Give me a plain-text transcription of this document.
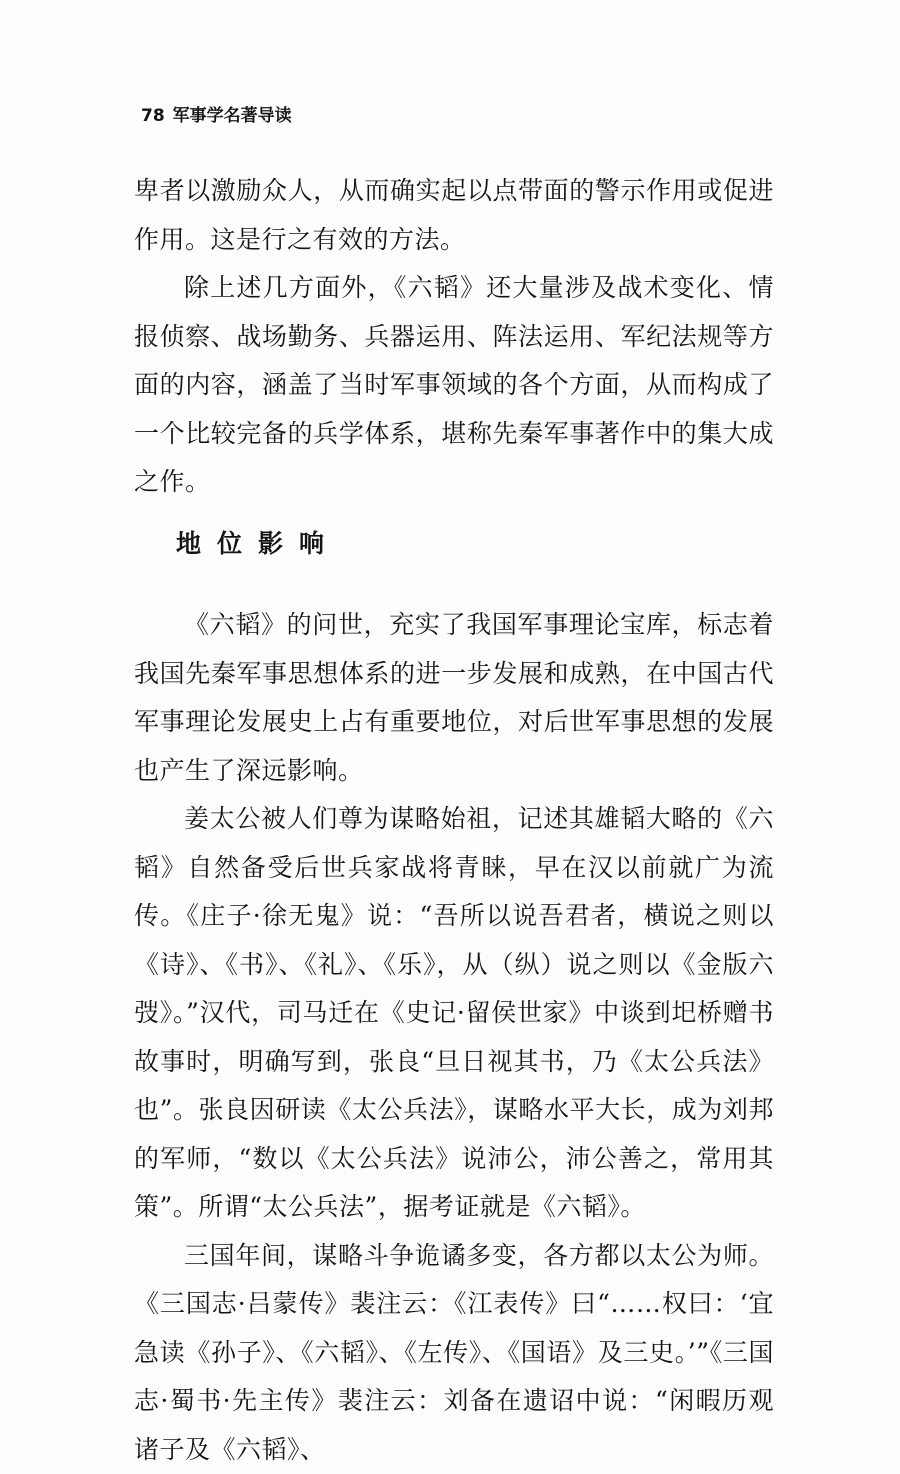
78 军事学名著导读

卑者以激励众人，从而确实起以点带面的警示作用或促进作用。这是行之有效的方法。

除上述几方面外，《六韬》还大量涉及战术变化、情报侦察、战场勤务、兵器运用、阵法运用、军纪法规等方面的内容，涵盖了当时军事领域的各个方面，从而构成了一个比较完备的兵学体系，堪称先秦军事著作中的集大成之作。

地位影响

《六韬》的问世，充实了我国军事理论宝库，标志着我国先秦军事思想体系的进一步发展和成熟，在中国古代军事理论发展史上占有重要地位，对后世军事思想的发展也产生了深远影响。

姜太公被人们尊为谋略始祖，记述其雄韬大略的《六韬》自然备受后世兵家战将青睐，早在汉以前就广为流传。《庄子·徐无鬼》说：“吾所以说吾君者，横说之则以《诗》、《书》、《礼》、《乐》，从（纵）说之则以《金版六弢》。”汉代，司马迁在《史记·留侯世家》中谈到圯桥赠书故事时，明确写到，张良“旦日视其书，乃《太公兵法》也”。张良因研读《太公兵法》，谋略水平大长，成为刘邦的军师，“数以《太公兵法》说沛公，沛公善之，常用其策”。所谓“太公兵法”，据考证就是《六韬》。

三国年间，谋略斗争诡谲多变，各方都以太公为师。《三国志·吕蒙传》裴注云：《江表传》曰“……权曰：‘宜急读《孙子》、《六韬》、《左传》、《国语》及三史。’”《三国志·蜀书·先主传》裴注云：刘备在遗诏中说：“闲暇历观诸子及《六韬》、
